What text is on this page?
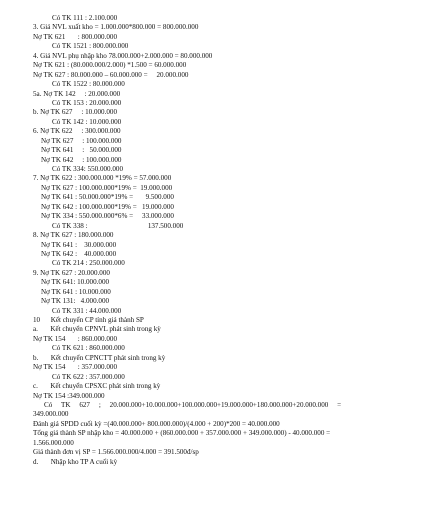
Có TK 111 : 2.100.000
3. Giá NVL xuất kho = 1.000.000*800.000 = 800.000.000
Nợ TK 621       : 800.000.000
Có TK 1521 : 800.000.000
4. Giá NVL phụ nhập kho 78.000.000+2.000.000 = 80.000.000
Nợ TK 621 : (80.000.000/2.000) *1.500 = 60.000.000
Nợ TK 627 : 80.000.000 – 60.000.000 =     20.000.000
Có TK 1522 : 80.000.000
5a. Nợ TK 142     : 20.000.000
Có TK 153 : 20.000.000
b. Nợ TK 627     : 10.000.000
Có TK 142 : 10.000.000
6. Nợ TK 622     : 300.000.000
Nợ TK 627     : 100.000.000
Nợ TK 641     :   50.000.000
Nợ TK 642     : 100.000.000
Có TK 334: 550.000.000
7. Nợ TK 622 : 300.000.000 *19% = 57.000.000
Nợ TK 627 : 100.000.000*19% =  19.000.000
Nợ TK 641 : 50.000.000*19% =       9.500.000
Nợ TK 642 : 100.000.000*19% =   19.000.000
Nợ TK 334 : 550.000.000*6% =     33.000.000
Có TK 338 :                                  137.500.000
8. Nợ TK 627 : 180.000.000
Nợ TK 641 :    30.000.000
Nợ TK 642 :    40.000.000
Có TK 214 : 250.000.000
9. Nợ TK 627 : 20.000.000
Nợ TK 641: 10.000.000
Nợ TK 641 : 10.000.000
Nợ TK 131:   4.000.000
Có TK 331 : 44.000.000
10      Kết chuyển CP tính giá thành SP
a.       Kết chuyển CPNVL phát sinh trong kỳ
Nợ TK 154       : 860.000.000
Có TK 621 : 860.000.000
b.       Kết chuyển CPNCTT phát sinh trong kỳ
Nợ TK 154       : 357.000.000
Có TK 622 : 357.000.000
c.       Kết chuyển CPSXC phát sinh trong kỳ
Nợ TK 154 :349.000.000
Có     TK     627     ;     20.000.000+10.000.000+100.000.000+19.000.000+180.000.000+20.000.000     =
349.000.000
Đánh giá SPDD cuối kỳ =(40.000.000+ 800.000.000)/(4.000 + 200)*200 = 40.000.000
Tổng giá thành SP nhập kho = 40.000.000 + (860.000.000 + 357.000.000 + 349.000.000) - 40.000.000 =
1.566.000.000
Giá thành đơn vị SP = 1.566.000.000/4.000 = 391.500đ/sp
d.       Nhập kho TP A cuối kỳ
